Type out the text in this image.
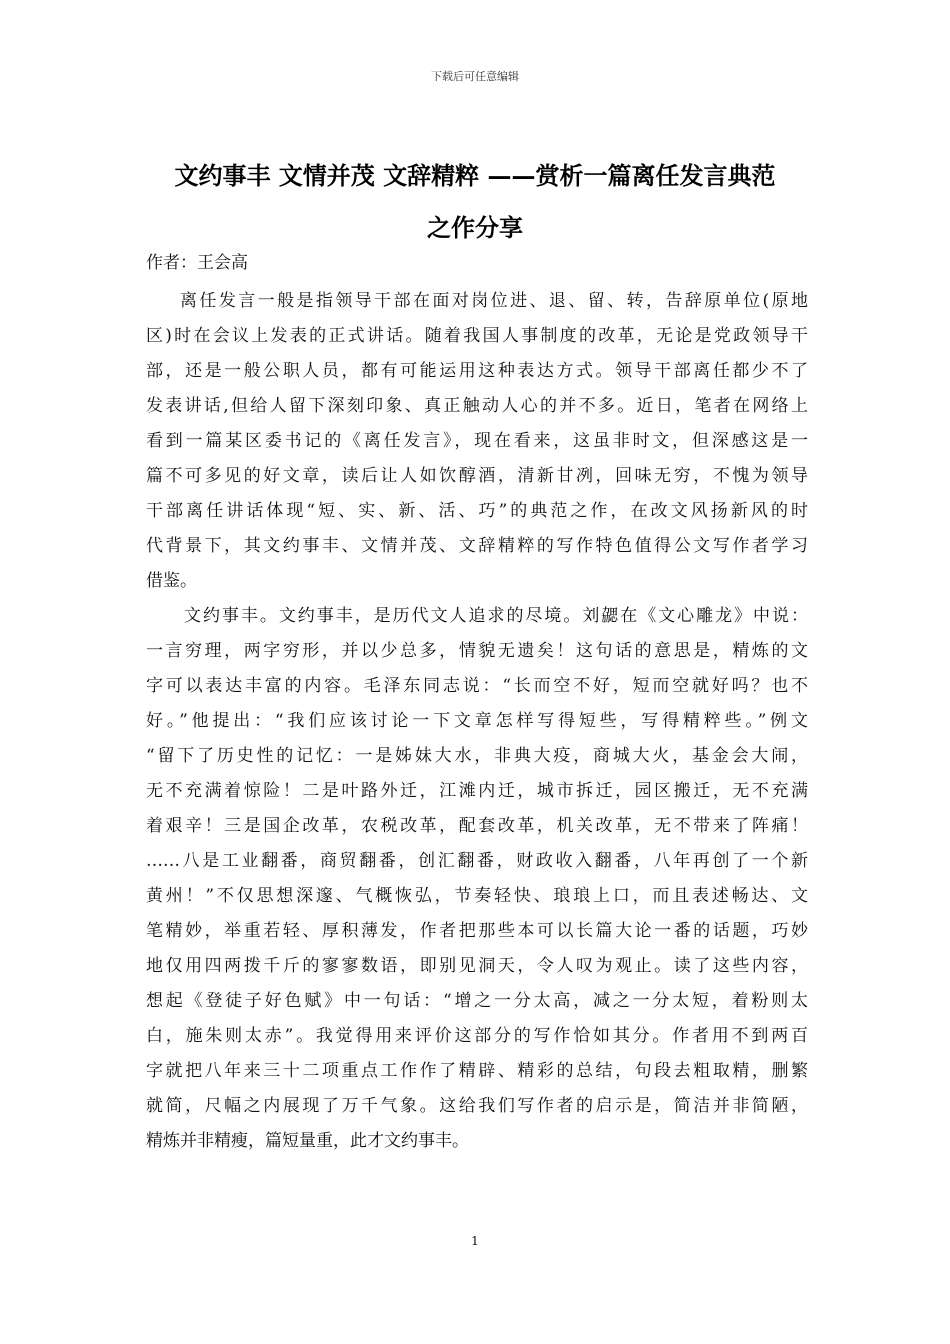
下载后可任意编辑
文约事丰 文情并茂 文辞精粹 ——赏析一篇离任发言典范
之作分享
作者：王会高
离任发言一般是指领导干部在面对岗位进、退、留、转，告辞原单位(原地
区)时在会议上发表的正式讲话。随着我国人事制度的改革，无论是党政领导干
部，还是一般公职人员，都有可能运用这种表达方式。领导干部离任都少不了
发表讲话,但给人留下深刻印象、真正触动人心的并不多。近日，笔者在网络上
看到一篇某区委书记的《离任发言》，现在看来，这虽非时文，但深感这是一
篇不可多见的好文章，读后让人如饮醇酒，清新甘冽，回味无穷，不愧为领导
干部离任讲话体现“短、实、新、活、巧”的典范之作，在改文风扬新风的时
代背景下，其文约事丰、文情并茂、文辞精粹的写作特色值得公文写作者学习
借鉴。
文约事丰。文约事丰，是历代文人追求的尽境。刘勰在《文心雕龙》中说：
一言穷理，两字穷形，并以少总多，情貌无遗矣！这句话的意思是，精炼的文
字可以表达丰富的内容。毛泽东同志说：“长而空不好，短而空就好吗？也不
好。”他提出：“我们应该讨论一下文章怎样写得短些，写得精粹些。”例文
“留下了历史性的记忆：一是姊妹大水，非典大疫，商城大火，基金会大闹，
无不充满着惊险！二是叶路外迁，江滩内迁，城市拆迁，园区搬迁，无不充满
着艰辛！三是国企改革，农税改革，配套改革，机关改革，无不带来了阵痛！
……八是工业翻番，商贸翻番，创汇翻番，财政收入翻番，八年再创了一个新
黄州！”不仅思想深邃、气概恢弘，节奏轻快、琅琅上口，而且表述畅达、文
笔精妙，举重若轻、厚积薄发，作者把那些本可以长篇大论一番的话题，巧妙
地仅用四两拨千斤的寥寥数语，即别见洞天，令人叹为观止。读了这些内容，
想起《登徒子好色赋》中一句话：“增之一分太高，减之一分太短，着粉则太
白，施朱则太赤”。我觉得用来评价这部分的写作恰如其分。作者用不到两百
字就把八年来三十二项重点工作作了精辟、精彩的总结，句段去粗取精，删繁
就简，尺幅之内展现了万千气象。这给我们写作者的启示是，简洁并非简陋，
精炼并非精瘦，篇短量重，此才文约事丰。
1
